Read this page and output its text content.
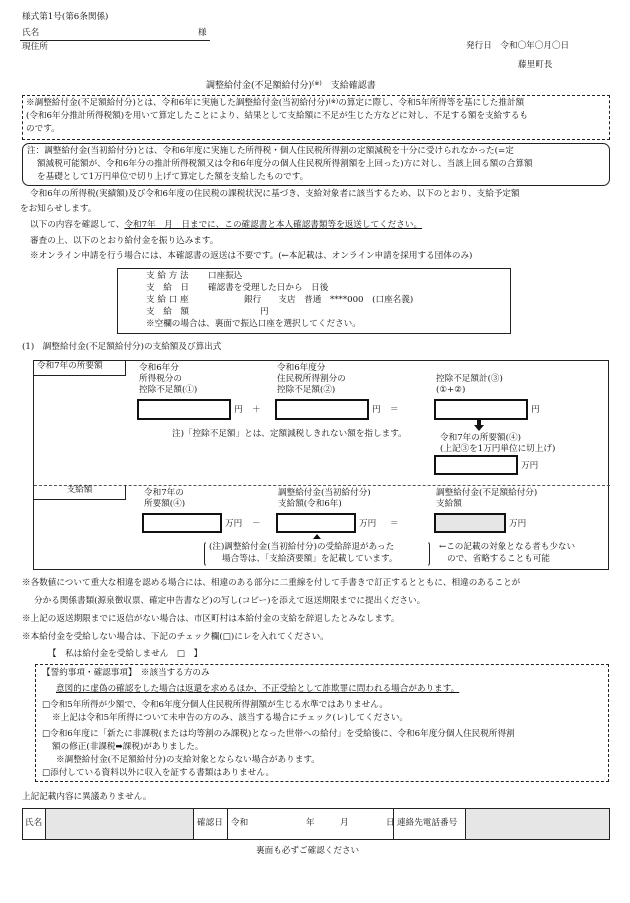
様式第1号(第6条関係)
氏名	様
現住所	発行日　令和〇年〇月〇日
藤里町長
調整給付金(不足額給付分)(※)　 支給確認書
※調整給付金(不足額給付分)とは、令和6年に実施した調整給付金(当初給付分)(※)の算定に際し、令和5年所得等を基にした推計額
(令和6年分推計所得税額)を用いて算定したことにより、結果として支給額に不足が生じた方などに対し、不足する額を支給するも
のです。
注：調整給付金(当初給付分)とは、令和6年度に実施した所得税・個人住民税所得割の定額減税を十分に受けられなかった(=定
額減税可能額が、令和6年分の推計所得税額又は令和6年度分の個人住民税所得割額を上回った)方に対し、当該上回る額の合算額
を基礎として1万円単位で切り上げて算定した額を支給したものです。
令和6年の所得税(実績額)及び令和6年度の住民税の課税状況に基づき、支給対象者に該当するため、以下のとおり、支給予定額
をお知らせします。
以下の内容を確認して、令和7年　月　日までに、この確認書と本人確認書類等を返送してください。
審査の上、以下のとおり給付金を振り込みます。
※オンライン申請を行う場合には、本確認書の返送は不要です。(←本記載は、オンライン申請を採用する団体のみ)
支 給 方 法 口座振込
支　給　日 確認書を受理した日から　日後
支 給 口 座	銀行　　支店　普通　****000　(口座名義)
支　給　額	円
※空欄の場合は、裏面で振込口座を選択してください。
(1)　調整給付金(不足額給付分)の支給額及び算出式
令和7年の所要額	令和6年分
所得税分の
控除不足額(①)
円 ＋
令和6年度分
住民税所得割分の
控除不足額(②)
円 ＝
控除不足額計(③)
(①+②)
円
注)「控除不足額」とは、定額減税しきれない額を指します。	令和7年の所要額(④)
(上記③を1万円単位に切上げ)
万円
支給額	令和7年の
所要額(④)
万円 －
調整給付金(当初給付分)
支給額(令和6年)
万円 ＝
調整給付金(不足額給付分)
支給額
万円
(注)調整給付金(当初給付分)の受給辞退があった
場合等は、「支給済要額」を記載しています。
←この記載の対象となる者も少ない
ので、省略することも可能
※各数値について重大な相違を認める場合には、相違のある部分に二重線を付して手書きで訂正するとともに、相違のあることが
分かる関係書類(源泉徴収票、確定申告書など)の写し(コピー)を添えて返送期限までに提出ください。
※上記の返送期限までに返信がない場合は、市区町村は本給付金の支給を辞退したとみなします。
※本給付金を受給しない場合は、下記のチェック欄(□)にレを入れてください。
【　私は給付金を受給しません　□　】
【誓約事項・確認事項】　 ※該当する方のみ
意図的に虚偽の確認をした場合は返還を求めるほか、不正受給として詐欺罪に問われる場合があります。
□令和5年所得が少額で、令和6年度分個人住民税所得割額が生じる水準ではありません。
※上記は令和5年所得について未申告の方のみ、該当する場合にチェック(レ)してください。
□令和6年度に「新たに非課税(または均等割のみ課税)となった世帯への給付」を受給後に、令和6年度分個人住民税所得割
額の修正(非課税➡課税)がありました。
※調整給付金(不足額給付分)の支給対象とならない場合があります。
□添付している資料以外に収入を証する書類はありません。
上記記載内容に異議ありません。
氏名	確認日 令和	年	月	日 連絡先電話番号
裏面も必ずご確認ください
